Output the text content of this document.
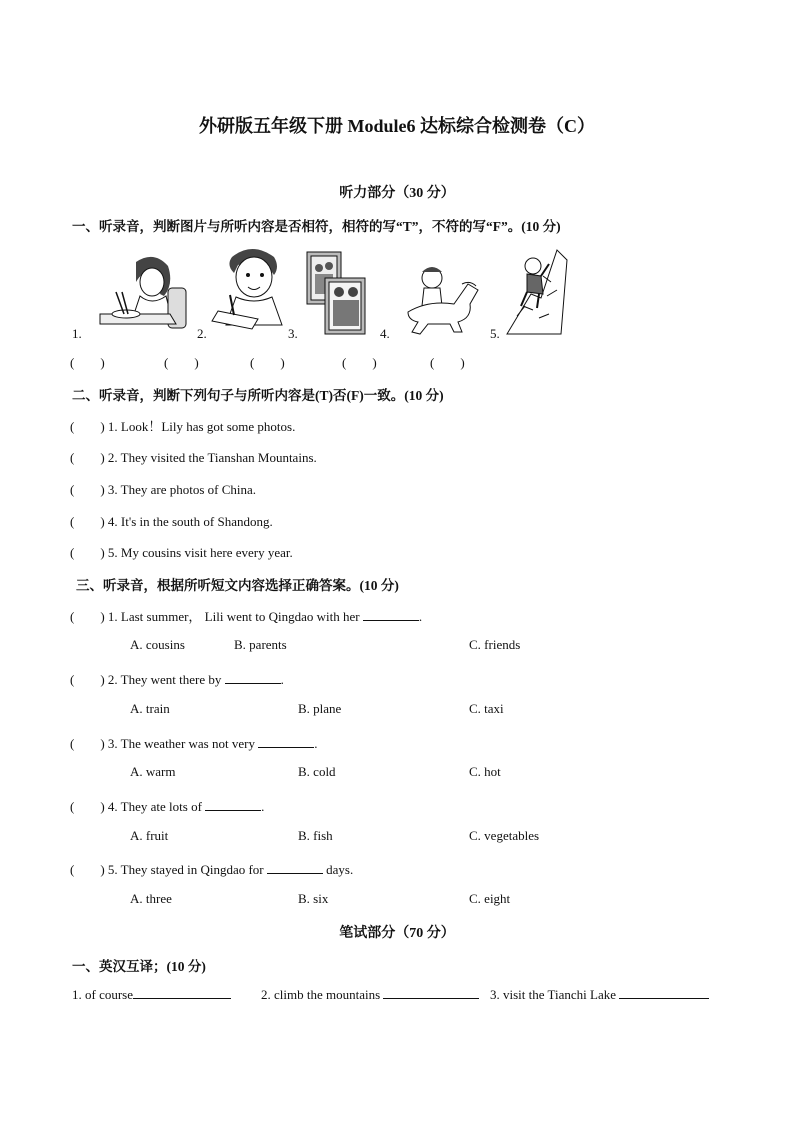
外研版五年级下册 Module6 达标综合检测卷（C）
听力部分（30 分）
一、听录音，判断图片与所听内容是否相符，相符的写“T”，不符的写“F”。(10 分)
1.	2.	3.	4.	5.
(　　)	(　　)	(　　)	(　　)	(　　)
二、听录音，判断下列句子与所听内容是(T)否(F)一致。(10 分)
(　　) 1. Look！Lily has got some photos.
(　　) 2. They visited the Tianshan Mountains.
(　　) 3. They are photos of China.
(　　) 4. It's in the south of Shandong.
(　　) 5. My cousins visit here every year.
三、听录音，根据所听短文内容选择正确答案。(10 分)
(　　) 1. Last summer， Lili went to Qingdao with her	.
A. cousins	B. parents	C. friends
(　　) 2. They went there by	.
A. train	B. plane	C. taxi
(　　) 3. The weather was not very	.
A. warm	B. cold	C. hot
(　　) 4. They ate lots of	.
A. fruit	B. fish	C. vegetables
(　　) 5. They stayed in Qingdao for	days.
A. three	B. six	C. eight
笔试部分（70 分）
一、英汉互译；(10 分)
1. of course	2. climb the mountains	3. visit the Tianchi Lake
